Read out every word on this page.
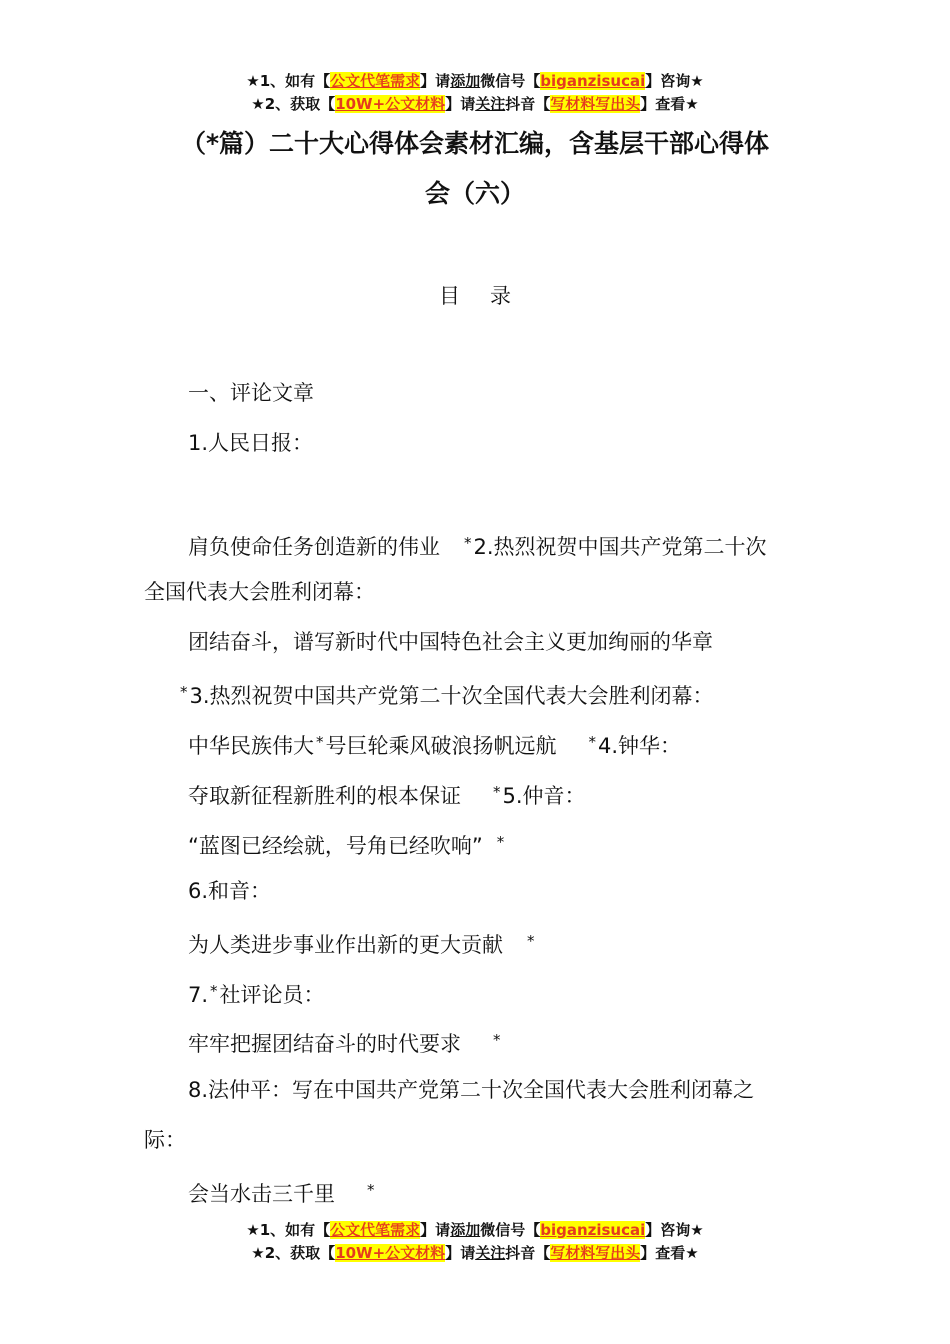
★1、如有【公文代笔需求】请添加微信号【biganzisucai】咨询★
★2、获取【10W+公文材料】请关注抖音【写材料写出头】查看★
（*篇）二十大心得体会素材汇编，含基层干部心得体
会（六）
目录
一、评论文章
1.人民日报：
肩负使命任务创造新的伟业 *2.热烈祝贺中国共产党第二十次
全国代表大会胜利闭幕：
团结奋斗，谱写新时代中国特色社会主义更加绚丽的华章
*3.热烈祝贺中国共产党第二十次全国代表大会胜利闭幕：
中华民族伟大 *号巨轮乘风破浪扬帆远航 *4.钟华：
夺取新征程新胜利的根本保证 *5.仲音：
“蓝图已经绘就，号角已经吹响” *
6.和音：
为人类进步事业作出新的更大贡献 *
7. *社评论员：
牢牢把握团结奋斗的时代要求 *
8.法仲平：写在中国共产党第二十次全国代表大会胜利闭幕之
际：
会当水击三千里 *
★1、如有【公文代笔需求】请添加微信号【biganzisucai】咨询★
★2、获取【10W+公文材料】请关注抖音【写材料写出头】查看★
